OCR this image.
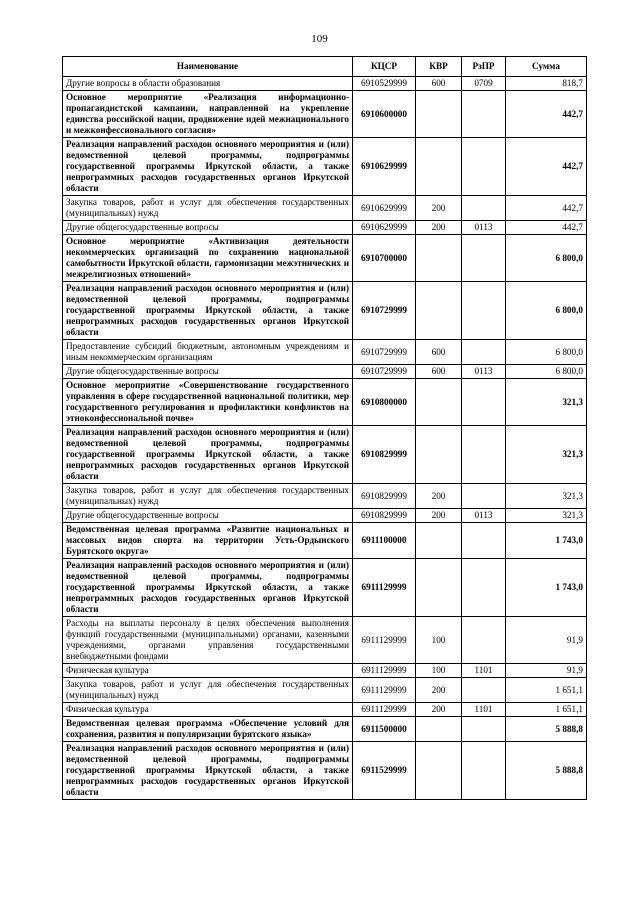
109
Наименование	КЦСР	КВР	РзПР	Сумма
Другие вопросы в области образования	6910529999	600	0709	818,7
Основное мероприятие «Реализация информационно-пропагандистской кампании, направленной на укрепление единства российской нации, продвижение идей межнационального и межконфессионального согласия»	6910600000			442,7
Реализация направлений расходов основного мероприятия и (или) ведомственной целевой программы, подпрограммы государственной программы Иркутской области, а также непрограммных расходов государственных органов Иркутской области	6910629999			442,7
Закупка товаров, работ и услуг для обеспечения государственных (муниципальных) нужд	6910629999	200		442,7
Другие общегосударственные вопросы	6910629999	200	0113	442,7
Основное мероприятие «Активизация деятельности некоммерческих организаций по сохранению национальной самобытности Иркутской области, гармонизации межэтнических и межрелигиозных отношений»	6910700000			6 800,0
Реализация направлений расходов основного мероприятия и (или) ведомственной целевой программы, подпрограммы государственной программы Иркутской области, а также непрограммных расходов государственных органов Иркутской области	6910729999			6 800,0
Предоставление субсидий бюджетным, автономным учреждениям и иным некоммерческим организациям	6910729999	600		6 800,0
Другие общегосударственные вопросы	6910729999	600	0113	6 800,0
Основное мероприятие «Совершенствование государственного управления в сфере государственной национальной политики, мер государственного регулирования и профилактики конфликтов на этноконфессиональной почве»	6910800000			321,3
Реализация направлений расходов основного мероприятия и (или) ведомственной целевой программы, подпрограммы государственной программы Иркутской области, а также непрограммных расходов государственных органов Иркутской области	6910829999			321,3
Закупка товаров, работ и услуг для обеспечения государственных (муниципальных) нужд	6910829999	200		321,3
Другие общегосударственные вопросы	6910829999	200	0113	321,3
Ведомственная целевая программа «Развитие национальных и массовых видов спорта на территории Усть-Ордынского Бурятского округа»	6911100000			1 743,0
Реализация направлений расходов основного мероприятия и (или) ведомственной целевой программы, подпрограммы государственной программы Иркутской области, а также непрограммных расходов государственных органов Иркутской области	6911129999			1 743,0
Расходы на выплаты персоналу в целях обеспечения выполнения функций государственными (муниципальными) органами, казенными учреждениями, органами управления государственными внебюджетными фондами	6911129999	100		91,9
Физическая культура	6911129999	100	1101	91,9
Закупка товаров, работ и услуг для обеспечения государственных (муниципальных) нужд	6911129999	200		1 651,1
Физическая культура	6911129999	200	1101	1 651,1
Ведомственная целевая программа «Обеспечение условий для сохранения, развития и популяризации бурятского языка»	6911500000			5 888,8
Реализация направлений расходов основного мероприятия и (или) ведомственной целевой программы, подпрограммы государственной программы Иркутской области, а также непрограммных расходов государственных органов Иркутской области	6911529999			5 888,8
